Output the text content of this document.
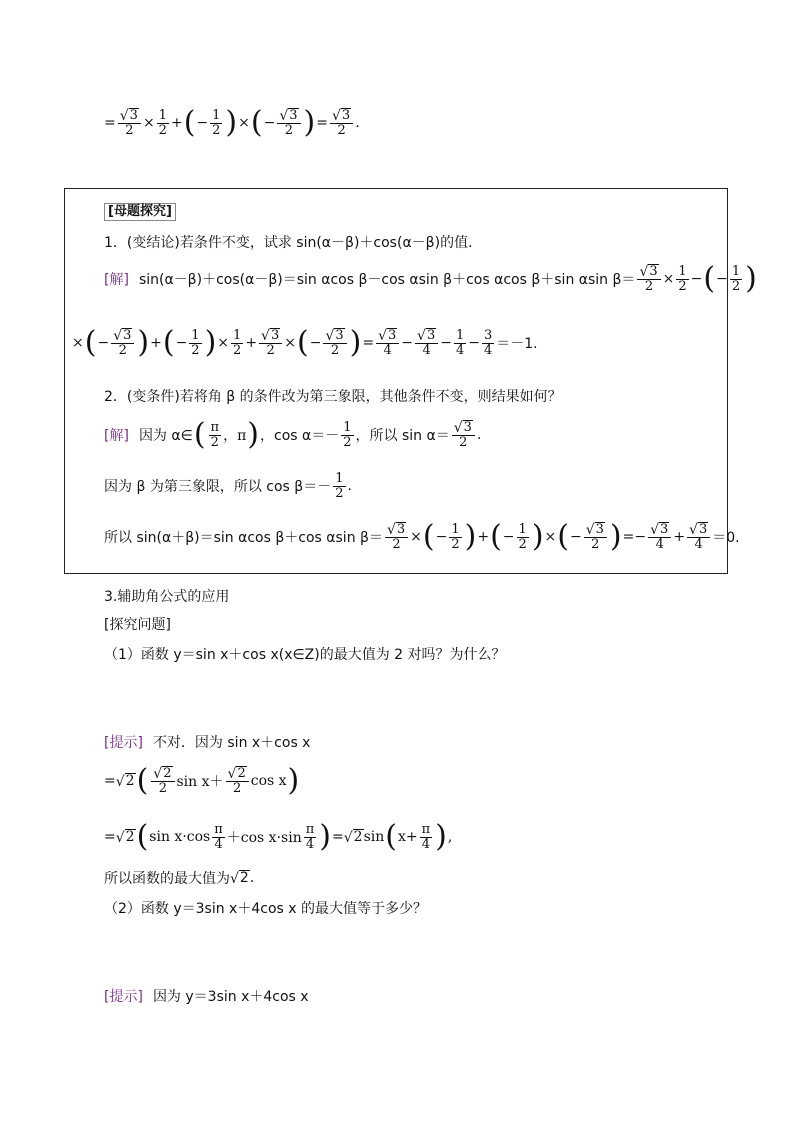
= $\frac{√ 3}{2} \times \frac{1}{2}$ + ( − $\frac{1}{2}$ ) × ( − $\frac{√ 3}{2}$ ) = $\frac{√ 3}{2}$ .
[母题探究]
1．(变结论)若条件不变，试求 sin(α－β)＋cos(α－β)的值．
[解] sin(α－β)＋cos(α－β)＝sin αcos β－cos αsin β＋cos αcos β＋sin αsin $\beta= \frac{√ 3}{2} \times \frac{1}{2}$ − ( − $\frac{1}{2}$ )
× ( − $\frac{√ 3}{2}$ ) + ( − $\frac{1}{2}$ ) × $\frac{1}{2} + \frac{√ 3}{2}$ × ( − $\frac{√ 3}{2}$ ) = $\frac{√ 3}{4} - \frac{√ 3}{4} - \frac{1}{4} - \frac{3}{4} =-1$.
2．(变条件)若将角 β 的条件改为第三象限，其他条件不变，则结果如何？
[解] 因为 α∈ ( $\frac{\pi}{2}$ ，π ) ，$\cos \alpha=- \frac{1}{2}$ ，所以 $\sin \alpha= \frac{√ 3}{2}$ .
因为 β 为第三象限，所以 $\cos \beta=- \frac{1}{2}$ .
所以 sin(α＋β)＝sin αcos β＋cos αsin $\beta= \frac{√ 3}{2}$ × ( − $\frac{1}{2}$ ) + ( − $\frac{1}{2}$ ) × ( − $\frac{√ 3}{2}$ ) = − $\frac{√ 3}{4} + \frac{√ 3}{4} =0$.
3.辅助角公式的应用
[探究问题]
（1）函数 y＝sin x＋cos x(x∈Z)的最大值为 2 对吗？为什么？
[提示] 不对．因为 sin x＋cos x
= √ 2 ( $\frac{√ 2}{2}$ $\sin x+ \frac{√ 2}{2}$ cos x )
= √ 2 ( $\sin x\cdot\cos \frac{\pi}{4} +\cos$ $x\cdot\sin \frac{\pi}{4}$ ) = √ 2 sin ( $x+ \frac{\pi}{4}$ ) ,
所以函数的最大值为 √ 2 .
（2）函数 y＝3sin x＋4cos x 的最大值等于多少？
[提示] 因为 y＝3sin x＋4cos x
